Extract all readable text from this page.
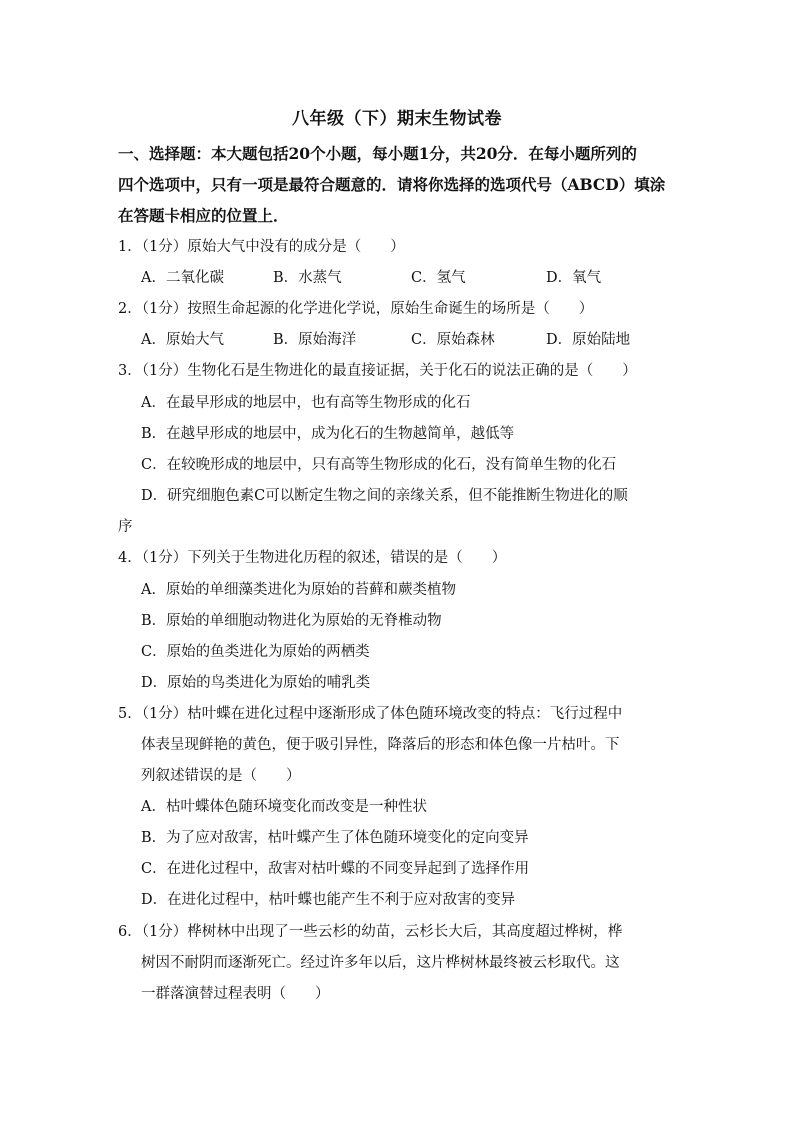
八年级（下）期末生物试卷
一、选择题：本大题包括20个小题，每小题1分，共20分．在每小题所列的
四个选项中，只有一项是最符合题意的．请将你选择的选项代号（ABCD）填涂
在答题卡相应的位置上．
1．（1分）原始大气中没有的成分是（　　）
A．二氧化碳	B．水蒸气	C．氢气	D．氧气
2．（1分）按照生命起源的化学进化学说，原始生命诞生的场所是（　　）
A．原始大气	B．原始海洋	C．原始森林	D．原始陆地
3．（1分）生物化石是生物进化的最直接证据，关于化石的说法正确的是（　　）
A．在最早形成的地层中，也有高等生物形成的化石
B．在越早形成的地层中，成为化石的生物越简单，越低等
C．在较晚形成的地层中，只有高等生物形成的化石，没有简单生物的化石
D．研究细胞色素C可以断定生物之间的亲缘关系，但不能推断生物进化的顺
序
4．（1分）下列关于生物进化历程的叙述，错误的是（　　）
A．原始的单细藻类进化为原始的苔藓和蕨类植物
B．原始的单细胞动物进化为原始的无脊椎动物
C．原始的鱼类进化为原始的两栖类
D．原始的鸟类进化为原始的哺乳类
5．（1分）枯叶蝶在进化过程中逐渐形成了体色随环境改变的特点：飞行过程中
体表呈现鲜艳的黄色，便于吸引异性，降落后的形态和体色像一片枯叶。下
列叙述错误的是（　　）
A．枯叶蝶体色随环境变化而改变是一种性状
B．为了应对敌害，枯叶蝶产生了体色随环境变化的定向变异
C．在进化过程中，敌害对枯叶蝶的不同变异起到了选择作用
D．在进化过程中，枯叶蝶也能产生不利于应对敌害的变异
6．（1分）桦树林中出现了一些云杉的幼苗，云杉长大后，其高度超过桦树，桦
树因不耐阴而逐渐死亡。经过许多年以后，这片桦树林最终被云杉取代。这
一群落演替过程表明（　　）
